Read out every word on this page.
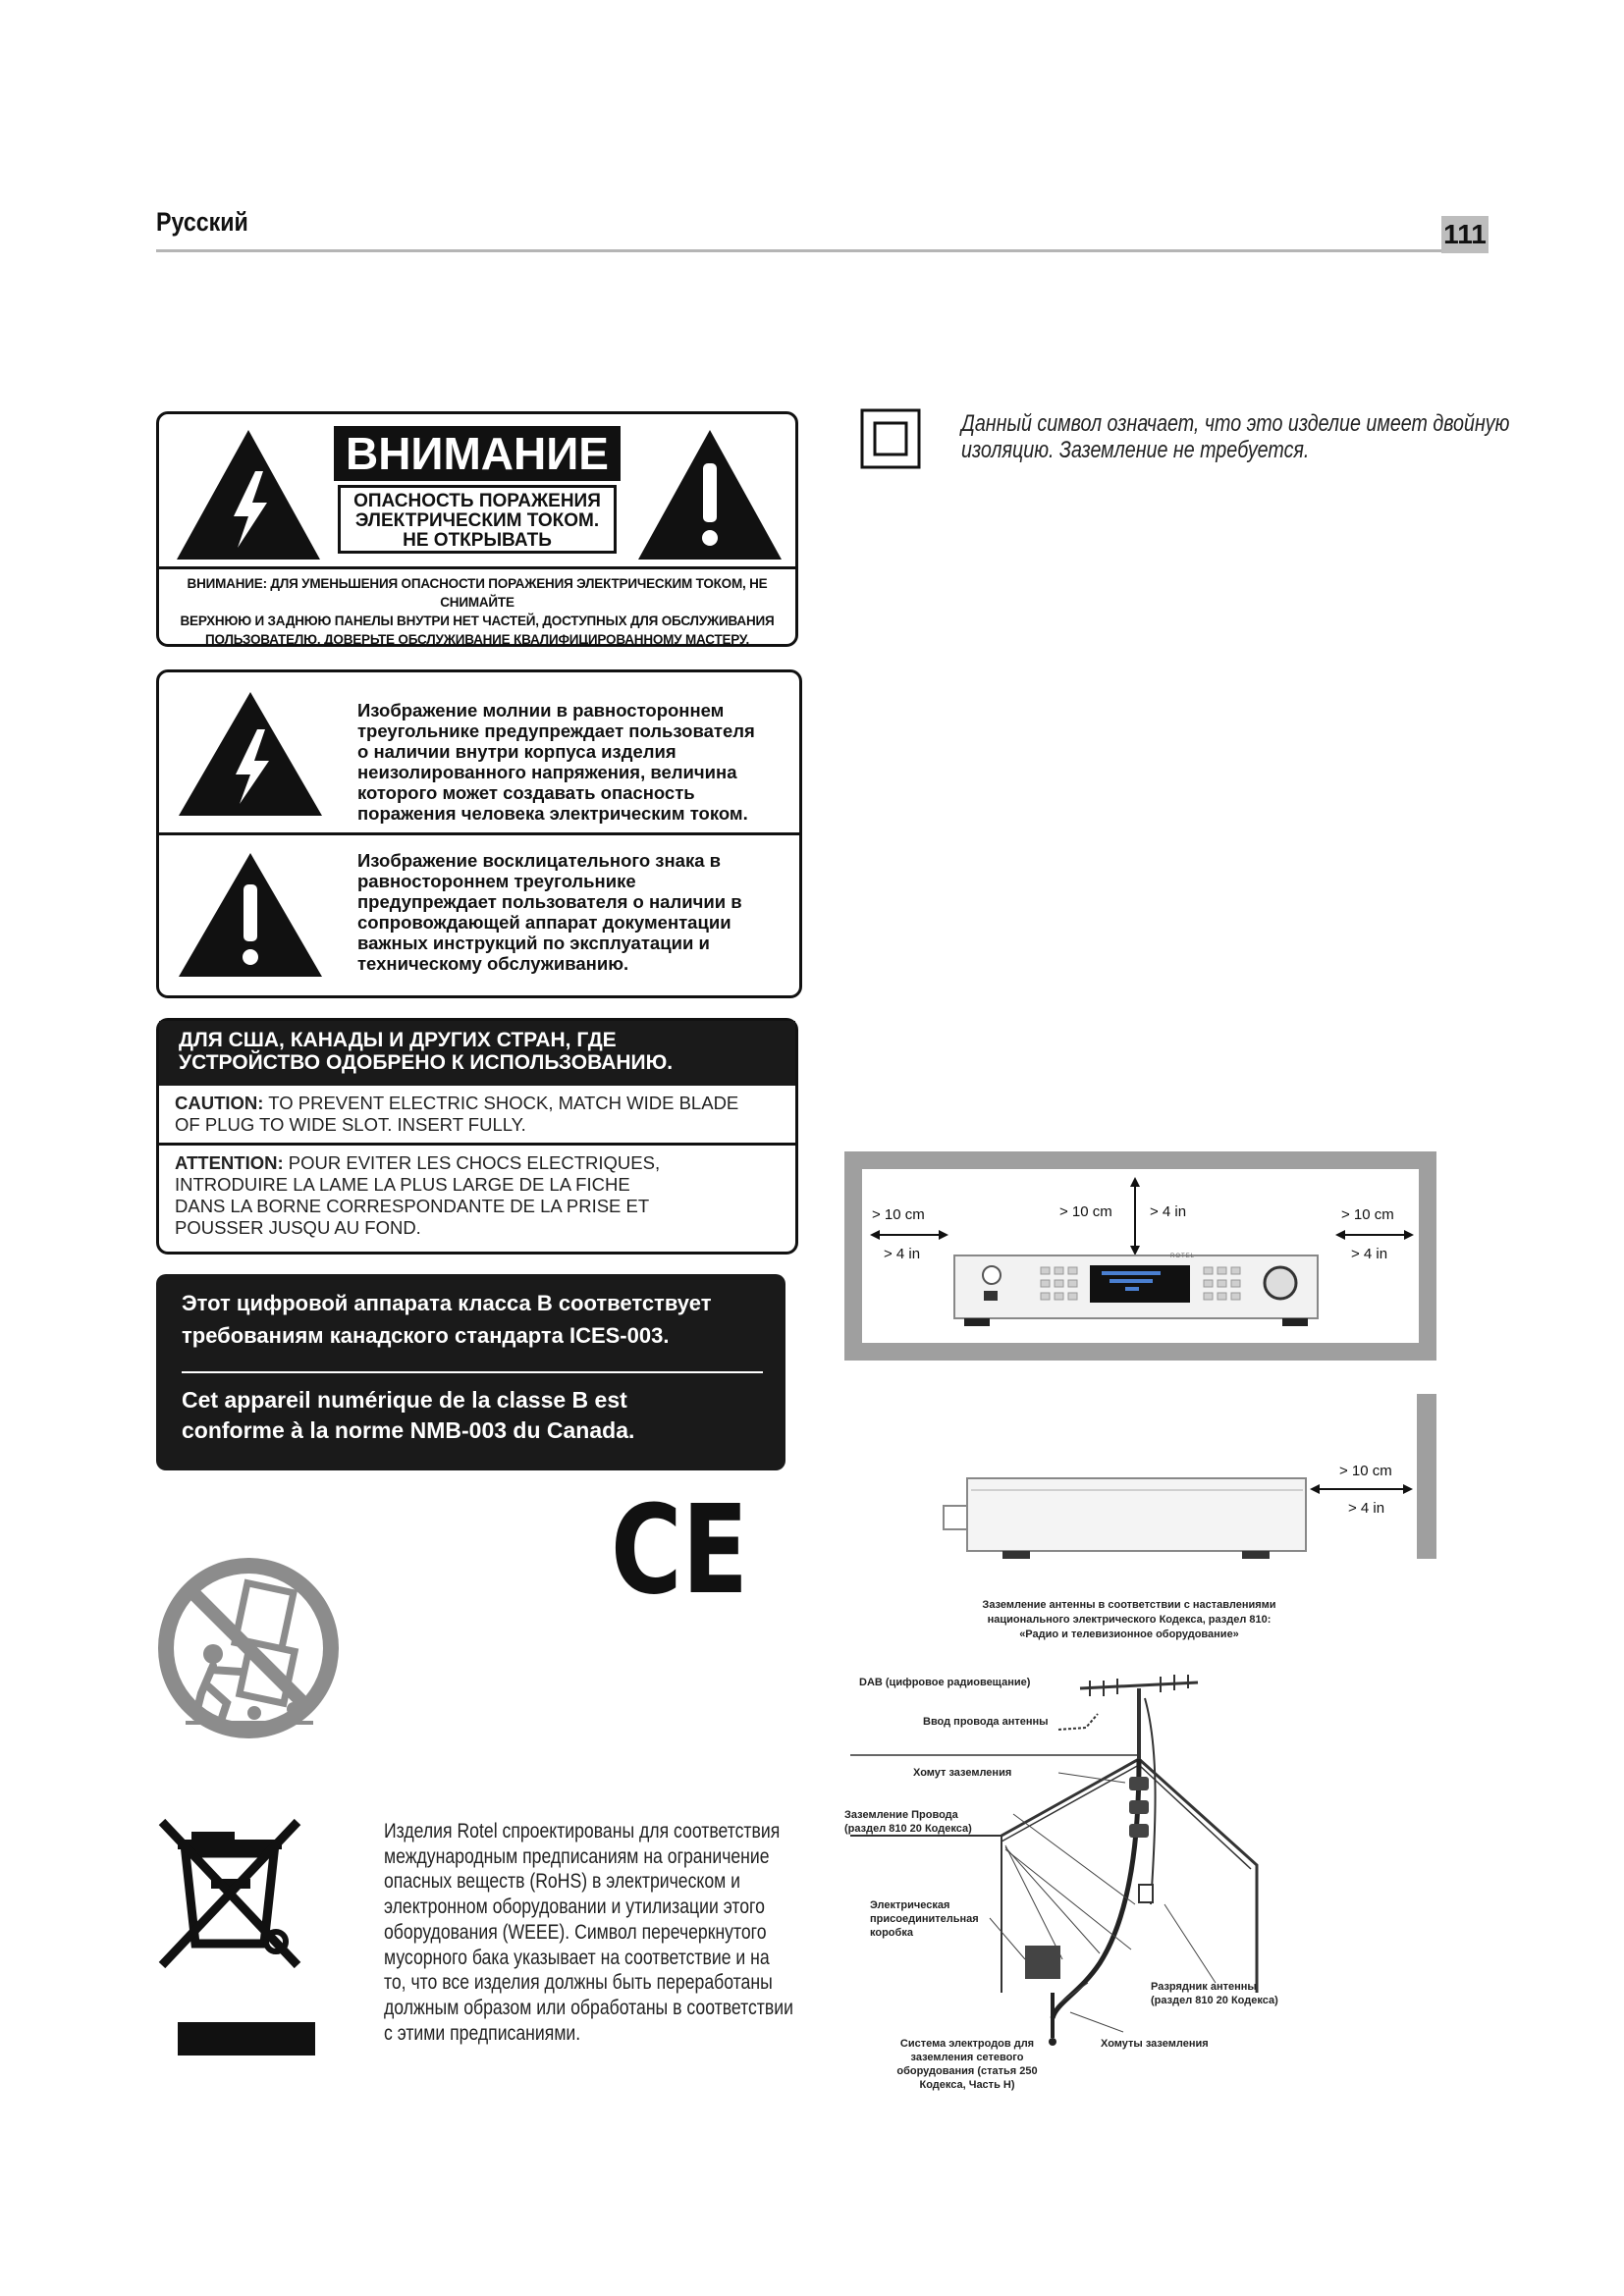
Русский	111
ВНИМАНИЕ
ОПАСНОСТЬ ПОРАЖЕНИЯ
ЭЛЕКТРИЧЕСКИМ ТОКОМ.
НЕ ОТКРЫВАТЬ
ВНИМАНИЕ: ДЛЯ УМЕНЬШЕНИЯ ОПАСНОСТИ ПОРАЖЕНИЯ ЭЛЕКТРИЧЕСКИМ ТОКОМ, НЕ СНИМАЙТЕ
ВЕРХНЮЮ И ЗАДНЮЮ ПАНЕЛЫ ВНУТРИ НЕТ ЧАСТЕЙ, ДОСТУПНЫХ ДЛЯ ОБСЛУЖИВАНИЯ
ПОЛЬЗОВАТЕЛЮ. ДОВЕРЬТЕ ОБСЛУЖИВАНИЕ КВАЛИФИЦИРОВАННОМУ МАСТЕРУ.
Изображение молнии в равностороннем
треугольнике предупреждает пользователя
о наличии внутри корпуса изделия
неизолированного напряжения, величина
которого может создавать опасность
поражения человека электрическим током.
Изображение восклицательного знака в
равностороннем треугольнике
предупреждает пользователя о наличии в
сопровождающей аппарат документации
важных инструкций по эксплуатации и
техническому обслуживанию.
ДЛЯ США, КАНАДЫ И ДРУГИХ СТРАН, ГДЕ
УСТРОЙСТВО ОДОБРЕНО К ИСПОЛЬЗОВАНИЮ.
CAUTION: TO PREVENT ELECTRIC SHOCK, MATCH WIDE BLADE
OF PLUG TO WIDE SLOT. INSERT FULLY.
ATTENTION: POUR EVITER LES CHOCS ELECTRIQUES,
INTRODUIRE LA LAME LA PLUS LARGE DE LA FICHE
DANS LA BORNE CORRESPONDANTE DE LA PRISE ET
POUSSER JUSQU AU FOND.
Этот цифровой аппарата класса В соответствует
требованиям канадского стандарта ICES-003.
Cet appareil numérique de la classe B est
conforme à la norme NMB-003 du Canada.
CE
Изделия Rotel спроектированы для соответствия
международным предписаниям на ограничение
опасных веществ (RoHS) в электрическом и
электронном оборудовании и утилизации этого
оборудования (WEEE). Символ перечеркнутого
мусорного бака указывает на соответствие и на
то, что все изделия должны быть переработаны
должным образом или обработаны в соответствии
с этими предписаниями.
Данный символ означает, что это изделие имеет двойную
изоляцию. Заземление не требуется.
> 10 cm
> 4 in
> 10 cm	> 4 in	> 10 cm
> 4 in
ROTEL
> 10 cm
> 4 in
Заземление антенны в соответствии с наставлениями
национального электрического Кодекса, раздел 810:
«Радио и телевизионное оборудование»
DAB (цифровое радиовещание)
Ввод провода антенны
Хомут заземления
Заземление Провода
(раздел 810 20 Кодекса)
Электрическая
присоединительная
коробка
Разрядник антенны
(раздел 810 20 Кодекса)
Хомуты заземления
Система электродов для
заземления сетевого
оборудования (статья 250
Кодекса, Часть Н)
